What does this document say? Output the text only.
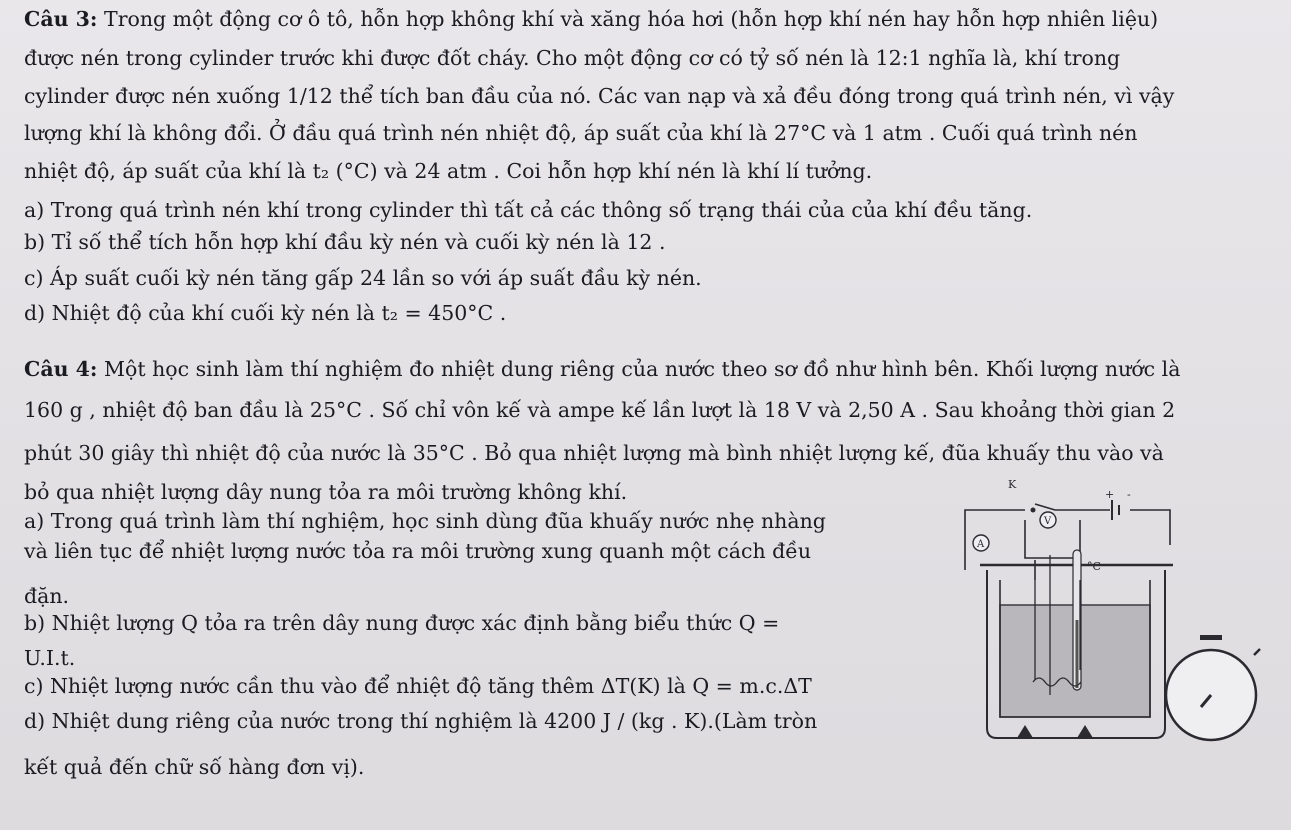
Câu 3: Trong một động cơ ô tô, hỗn hợp không khí và xăng hóa hơi (hỗn hợp khí nén hay hỗn hợp nhiên liệu)
được nén trong cylinder trước khi được đốt cháy. Cho một động cơ có tỷ số nén là 12:1 nghĩa là, khí trong
cylinder được nén xuống 1/12 thể tích ban đầu của nó. Các van nạp và xả đều đóng trong quá trình nén, vì vậy
lượng khí là không đổi. Ở đầu quá trình nén nhiệt độ, áp suất của khí là 27°C và 1 atm . Cuối quá trình nén
nhiệt độ, áp suất của khí là t₂ (°C) và 24 atm . Coi hỗn hợp khí nén là khí lí tưởng.
a) Trong quá trình nén khí trong cylinder thì tất cả các thông số trạng thái của của khí đều tăng.
b) Tỉ số thể tích hỗn hợp khí đầu kỳ nén và cuối kỳ nén là 12 .
c) Áp suất cuối kỳ nén tăng gấp 24 lần so với áp suất đầu kỳ nén.
d) Nhiệt độ của khí cuối kỳ nén là t₂ = 450°C .
Câu 4: Một học sinh làm thí nghiệm đo nhiệt dung riêng của nước theo sơ đồ như hình bên. Khối lượng nước là
160 g , nhiệt độ ban đầu là 25°C . Số chỉ vôn kế và ampe kế lần lượt là 18 V và 2,50 A . Sau khoảng thời gian 2
phút 30 giây thì nhiệt độ của nước là 35°C . Bỏ qua nhiệt lượng mà bình nhiệt lượng kế, đũa khuấy thu vào và
bỏ qua nhiệt lượng dây nung tỏa ra môi trường không khí.
a) Trong quá trình làm thí nghiệm, học sinh dùng đũa khuấy nước nhẹ nhàng
và liên tục để nhiệt lượng nước tỏa ra môi trường xung quanh một cách đều
đặn.
b) Nhiệt lượng Q tỏa ra trên dây nung được xác định bằng biểu thức Q =
U.I.t.
c) Nhiệt lượng nước cần thu vào để nhiệt độ tăng thêm ΔT(K) là Q = m.c.ΔT
d) Nhiệt dung riêng của nước trong thí nghiệm là 4200 J / (kg . K).(Làm tròn
kết quả đến chữ số hàng đơn vị).
+ -
K
V
A
°C
